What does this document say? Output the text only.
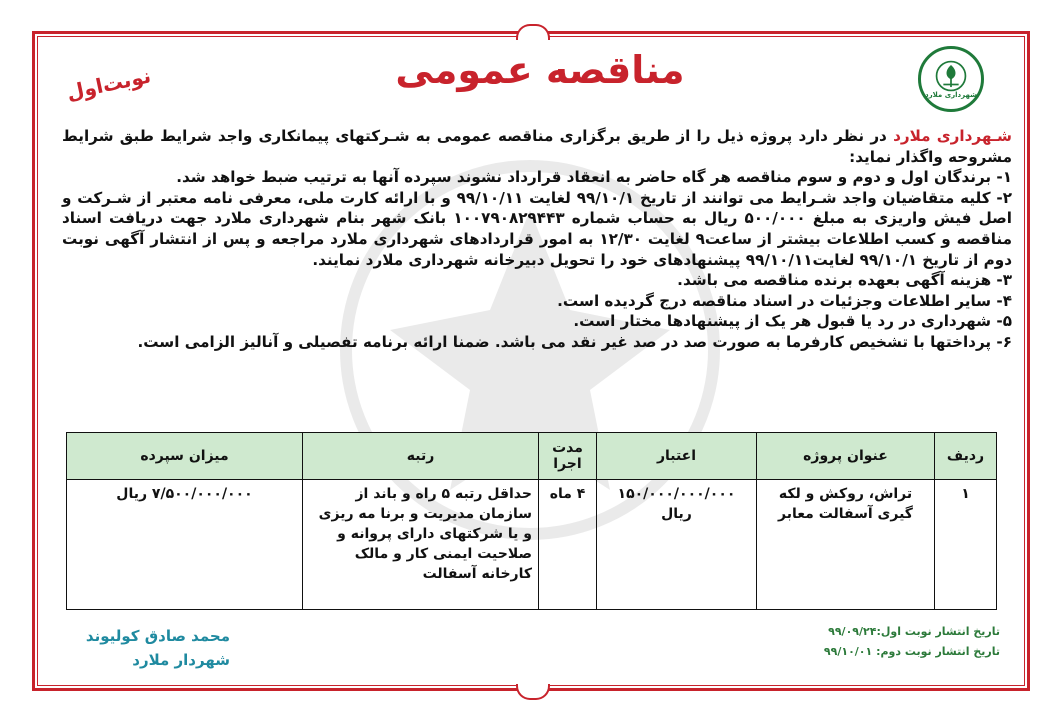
شهرداری ملارد
مناقصه عمومی
نوبت‌اول

شـهرداری ملارد در نظر دارد پروژه ذیل را از طریق برگزاری مناقصه عمومی به شـرکتهای پیمانکاری واجد شرایط طبق شرایط مشروحه واگذار نماید:

۱- برندگان اول و دوم و سوم مناقصه هر گاه حاضر به انعقاد قرارداد نشوند سپرده آنها به ترتیب ضبط خواهد شد.

۲- کلیه متقاضیان واجد شـرایط می توانند از تاریخ ۹۹/۱۰/۱ لغایت ۹۹/۱۰/۱۱ و با ارائه کارت ملی، معرفی نامه معتبر از شـرکت و اصل فیش واریزی به مبلغ ۵۰۰/۰۰۰ ریال به حساب شماره ۱۰۰۷۹۰۸۲۹۴۴۳ بانک شهر بنام شهرداری ملارد جهت دریافت اسناد مناقصه و کسب اطلاعات بیشتر از ساعت۹ لغایت ۱۲/۳۰ به امور قراردادهای شهرداری ملارد مراجعه و پس از انتشار آگهی نوبت دوم از تاریخ ۹۹/۱۰/۱ لغایت۹۹/۱۰/۱۱ پیشنهادهای خود را تحویل دبیرخانه شهرداری ملارد نمایند.

۳- هزینه آگهی بعهده برنده مناقصه می باشد.

۴- سایر اطلاعات وجزئیات در اسناد مناقصه درج گردیده است.

۵- شهرداری در رد یا قبول هر یک از پیشنهادها مختار است.

۶- پرداختها با تشخیص کارفرما به صورت صد در صد غیر نقد می باشد. ضمنا ارائه برنامه تفصیلی و آنالیز الزامی است.

ردیف	عنوان پروژه	اعتبار	مدت اجرا	رتبه	میزان سپرده
۱	تراش، روکش و لکه گیری آسفالت معابر	۱۵۰/۰۰۰/۰۰۰/۰۰۰ ریال	۴ ماه	حداقل رتبه ۵ راه و باند از سازمان مدیریت و برنا مه ریزی و یا شرکتهای دارای پروانه و صلاحیت ایمنی کار و مالک کارخانه آسفالت	۷/۵۰۰/۰۰۰/۰۰۰ ریال
محمد صادق کولیوند
شهردار ملارد
تاریخ انتشار نوبت اول:۹۹/۰۹/۲۴
تاریخ انتشار نوبت دوم: ۹۹/۱۰/۰۱
